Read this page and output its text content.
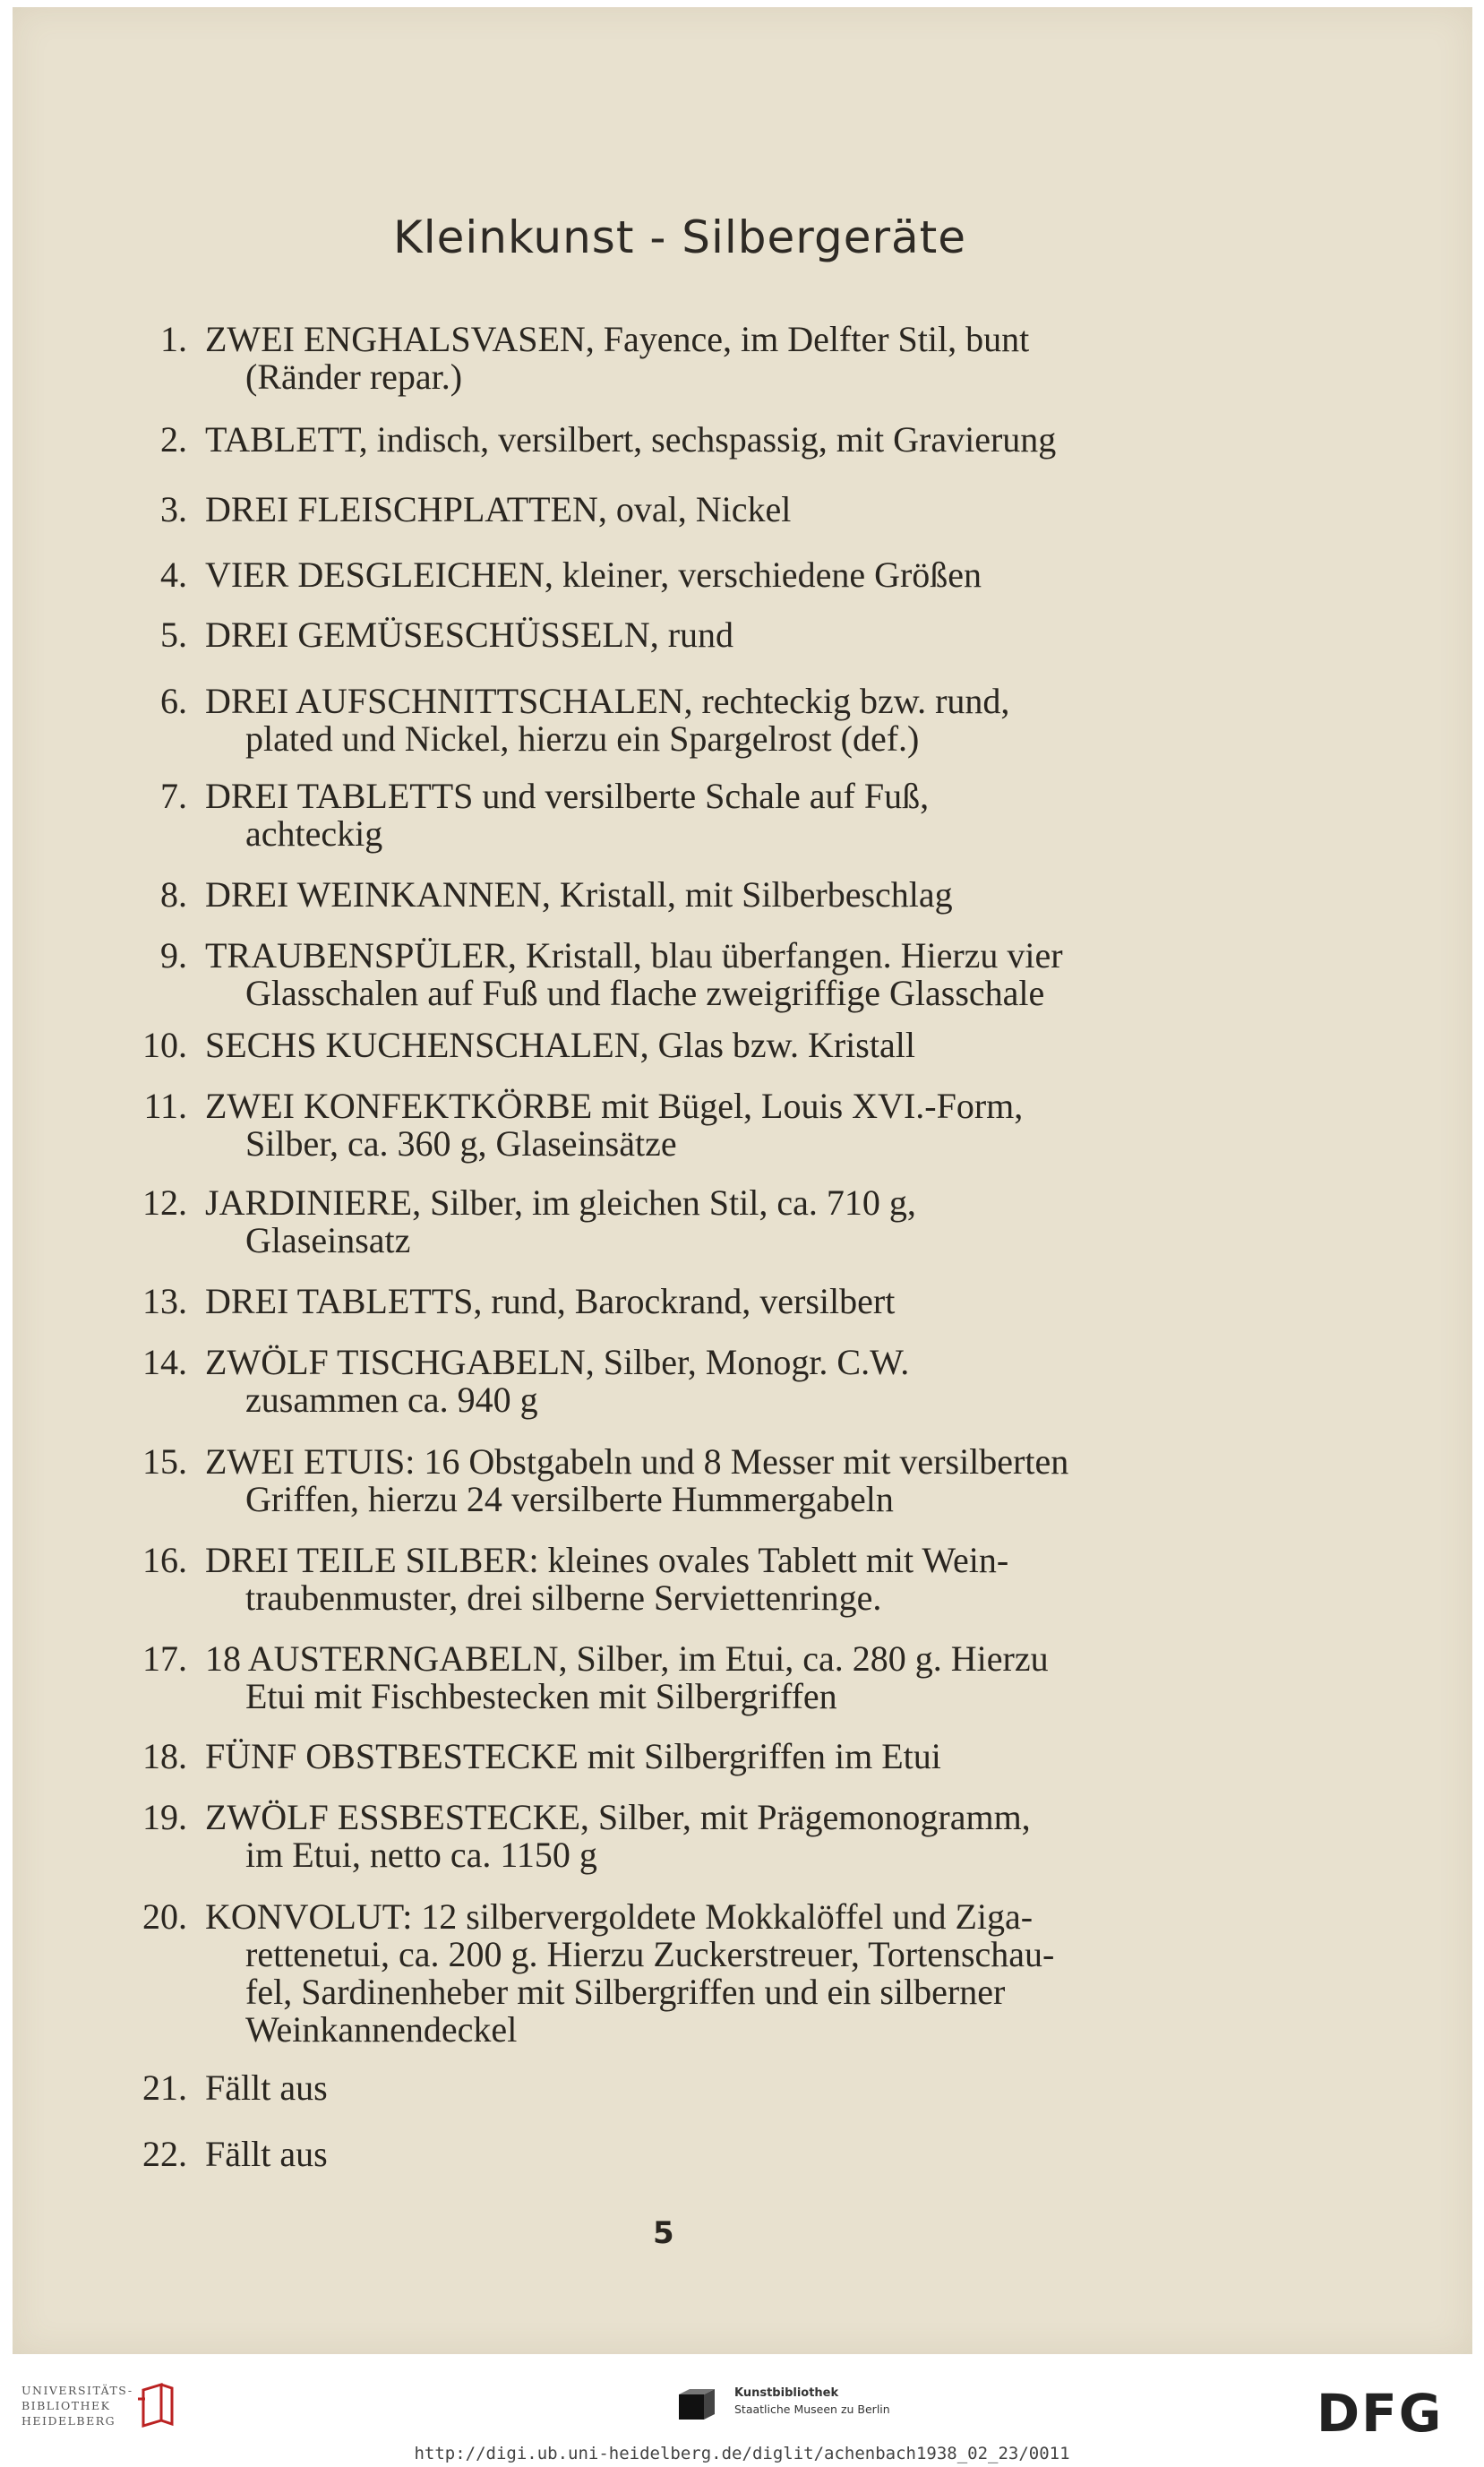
Kleinkunst - Silbergeräte
1. ZWEI ENGHALSVASEN, Fayence, im Delfter Stil, bunt
(Ränder repar.)
2. TABLETT, indisch, versilbert, sechspassig, mit Gravierung
3. DREI FLEISCHPLATTEN, oval, Nickel
4. VIER DESGLEICHEN, kleiner, verschiedene Größen
5. DREI GEMÜSESCHÜSSELN, rund
6. DREI AUFSCHNITTSCHALEN, rechteckig bzw. rund,
plated und Nickel, hierzu ein Spargelrost (def.)
7. DREI TABLETTS und versilberte Schale auf Fuß,
achteckig
8. DREI WEINKANNEN, Kristall, mit Silberbeschlag
9. TRAUBENSPÜLER, Kristall, blau überfangen. Hierzu vier
Glasschalen auf Fuß und flache zweigriffige Glasschale
10. SECHS KUCHENSCHALEN, Glas bzw. Kristall
11. ZWEI KONFEKTKÖRBE mit Bügel, Louis XVI.-Form,
Silber, ca. 360 g, Glaseinsätze
12. JARDINIERE, Silber, im gleichen Stil, ca. 710 g,
Glaseinsatz
13. DREI TABLETTS, rund, Barockrand, versilbert
14. ZWÖLF TISCHGABELN, Silber, Monogr. C.W.
zusammen ca. 940 g
15. ZWEI ETUIS: 16 Obstgabeln und 8 Messer mit versilberten
Griffen, hierzu 24 versilberte Hummergabeln
16. DREI TEILE SILBER: kleines ovales Tablett mit Wein-
traubenmuster, drei silberne Serviettenringe.
17. 18 AUSTERNGABELN, Silber, im Etui, ca. 280 g. Hierzu
Etui mit Fischbestecken mit Silbergriffen
18. FÜNF OBSTBESTECKE mit Silbergriffen im Etui
19. ZWÖLF ESSBESTECKE, Silber, mit Prägemonogramm,
im Etui, netto ca. 1150 g
20. KONVOLUT: 12 silbervergoldete Mokkalöffel und Ziga-
rettenetui, ca. 200 g. Hierzu Zuckerstreuer, Tortenschau-
fel, Sardinenheber mit Silbergriffen und ein silberner
Weinkannendeckel
21. Fällt aus
22. Fällt aus
5
UNIVERSITÄTS-
BIBLIOTHEK
HEIDELBERG
Kunstbibliothek
Staatliche Museen zu Berlin	DFG
http://digi.ub.uni-heidelberg.de/diglit/achenbach1938_02_23/0011
